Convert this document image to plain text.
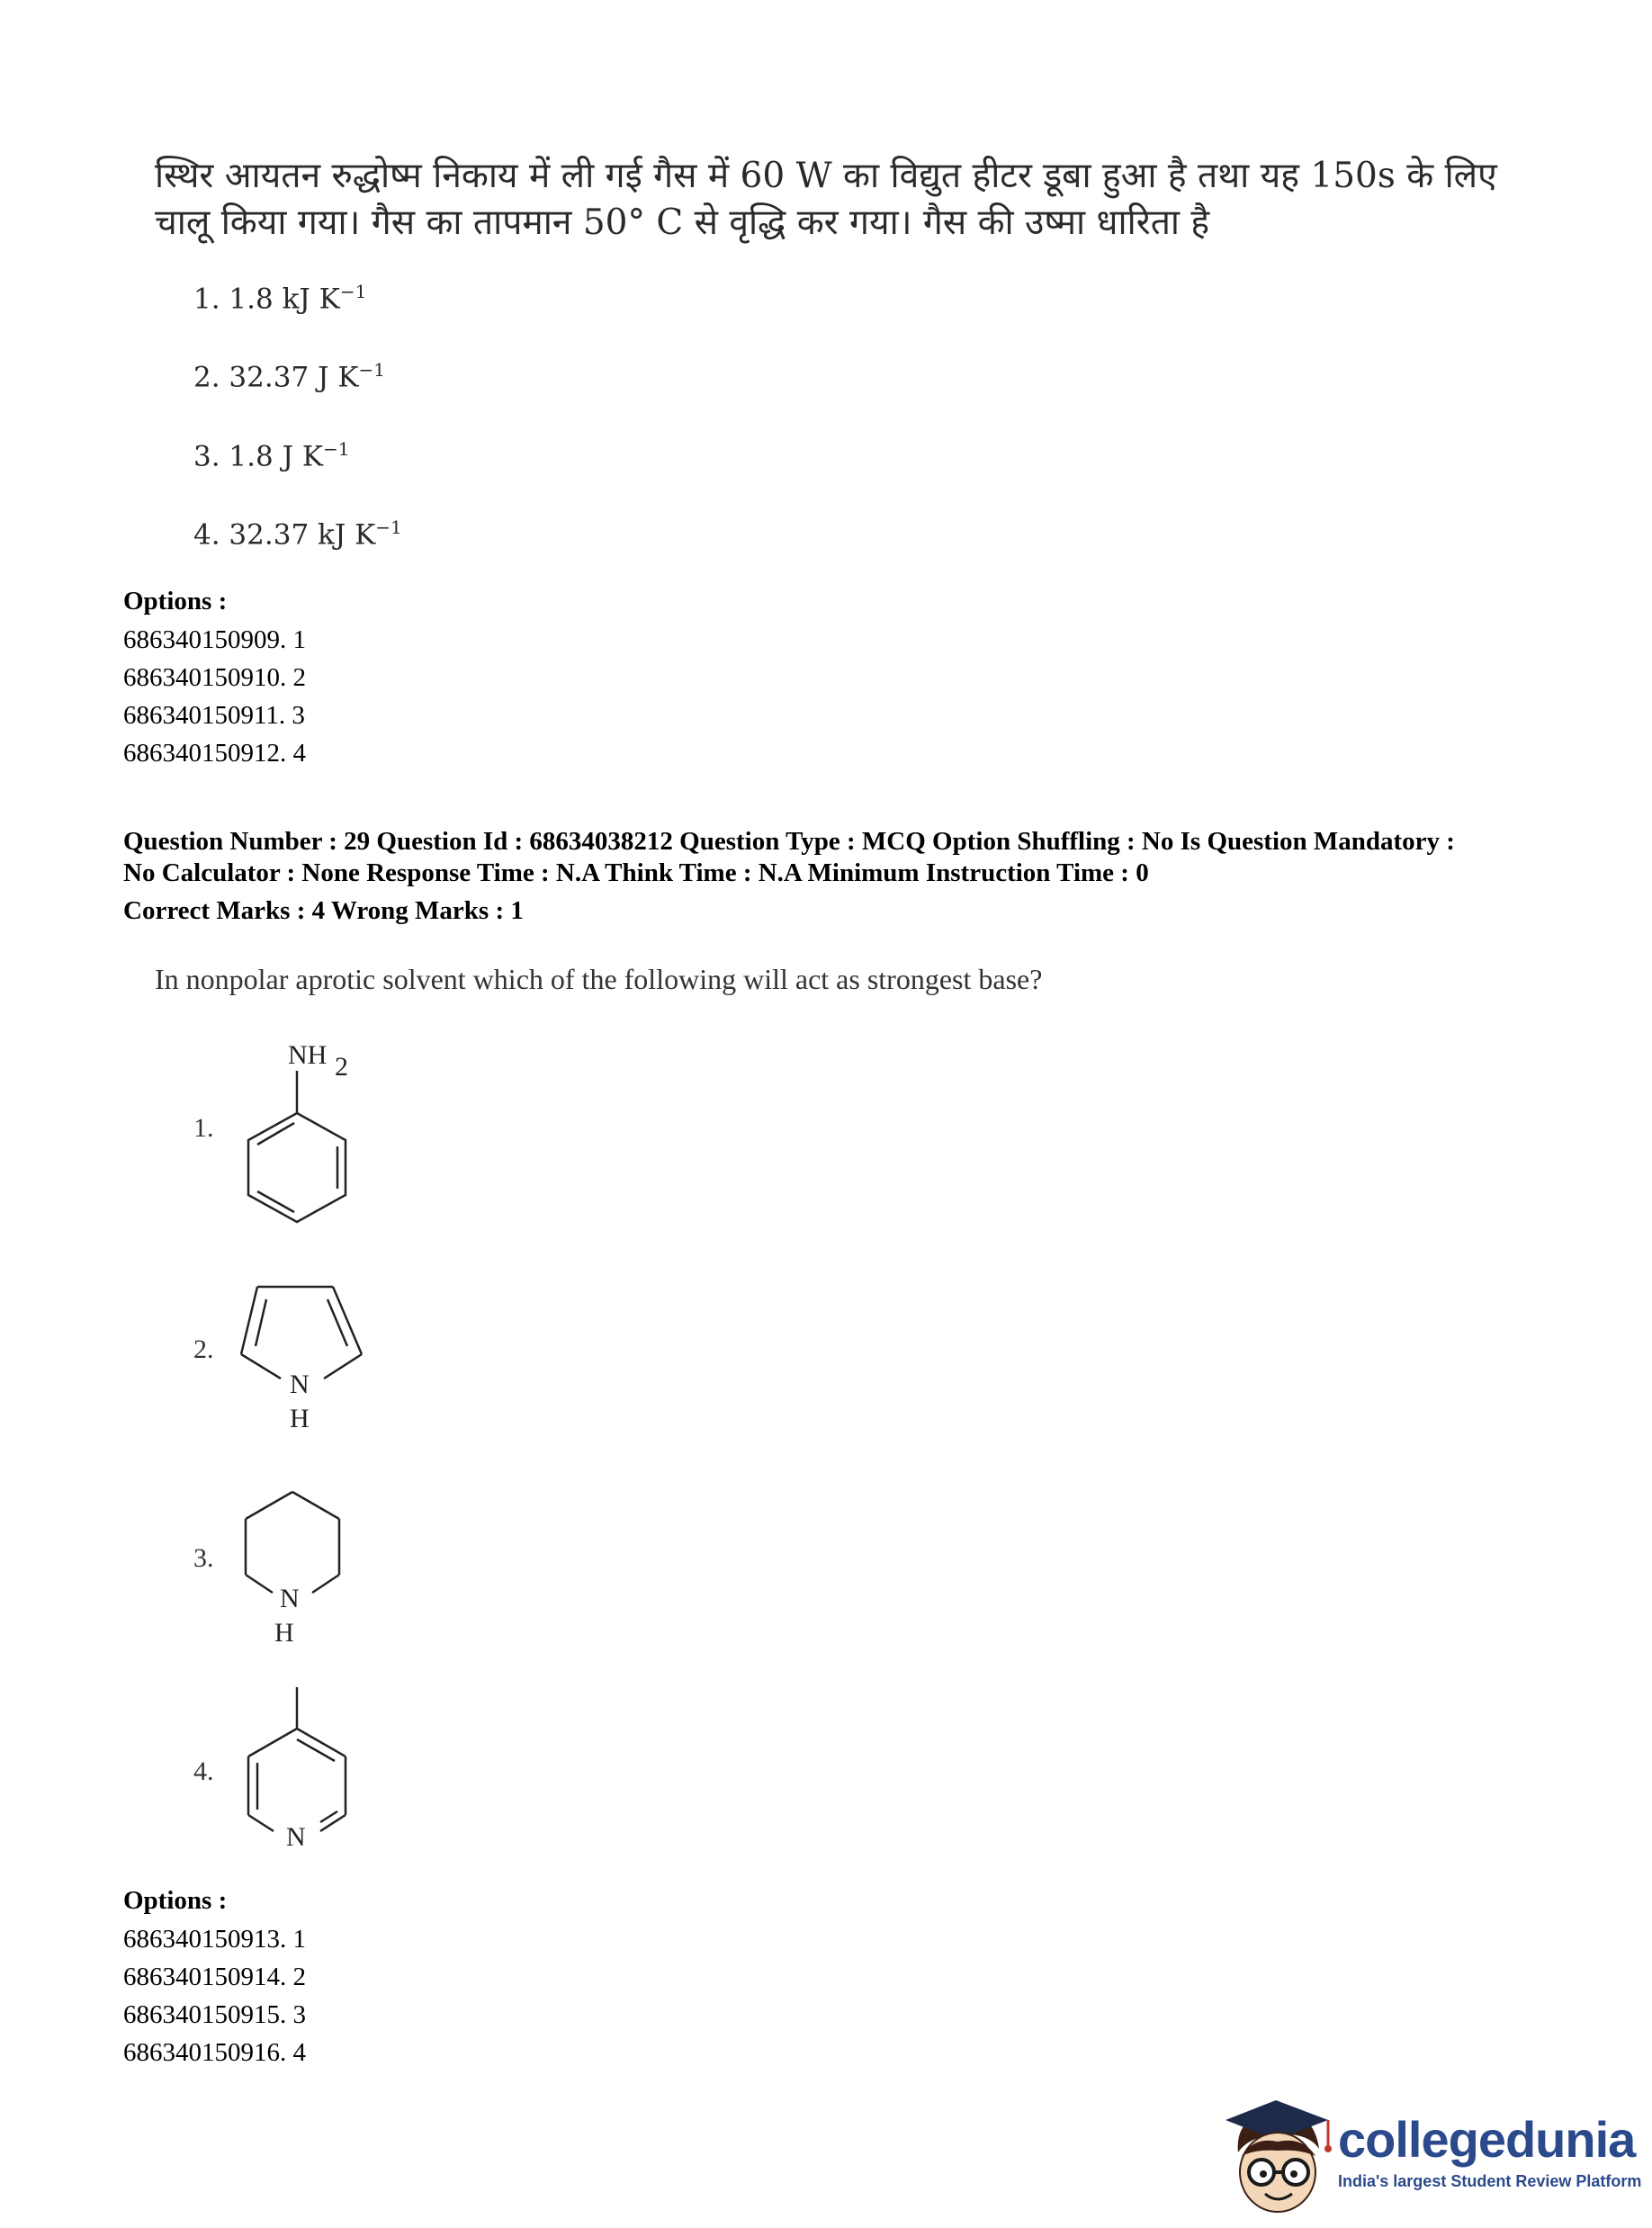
स्थिर आयतन रुद्धोष्म निकाय में ली गई गैस में 60 W का विद्युत हीटर डूबा हुआ है तथा यह 150s के लिए चालू किया गया। गैस का तापमान 50° C से वृद्धि कर गया। गैस की उष्मा धारिता है
1. 1.8 kJ $K^{-1}$
2. 32.37 J $K^{-1}$
3. 1.8 J $K^{-1}$
4. 32.37 kJ $K^{-1}$
Options :
686340150909. 1
686340150910. 2
686340150911. 3
686340150912. 4
Question Number : 29 Question Id : 68634038212 Question Type : MCQ Option Shuffling : No Is Question Mandatory :
No Calculator : None Response Time : N.A Think Time : N.A Minimum Instruction Time : 0
Correct Marks : 4 Wrong Marks : 1
In nonpolar aprotic solvent which of the following will act as strongest base?
1.
2.
3.
4.
NH 2
N
H
N
H
N
Options :
686340150913. 1
686340150914. 2
686340150915. 3
686340150916. 4
collegedunia
India's largest Student Review Platform
